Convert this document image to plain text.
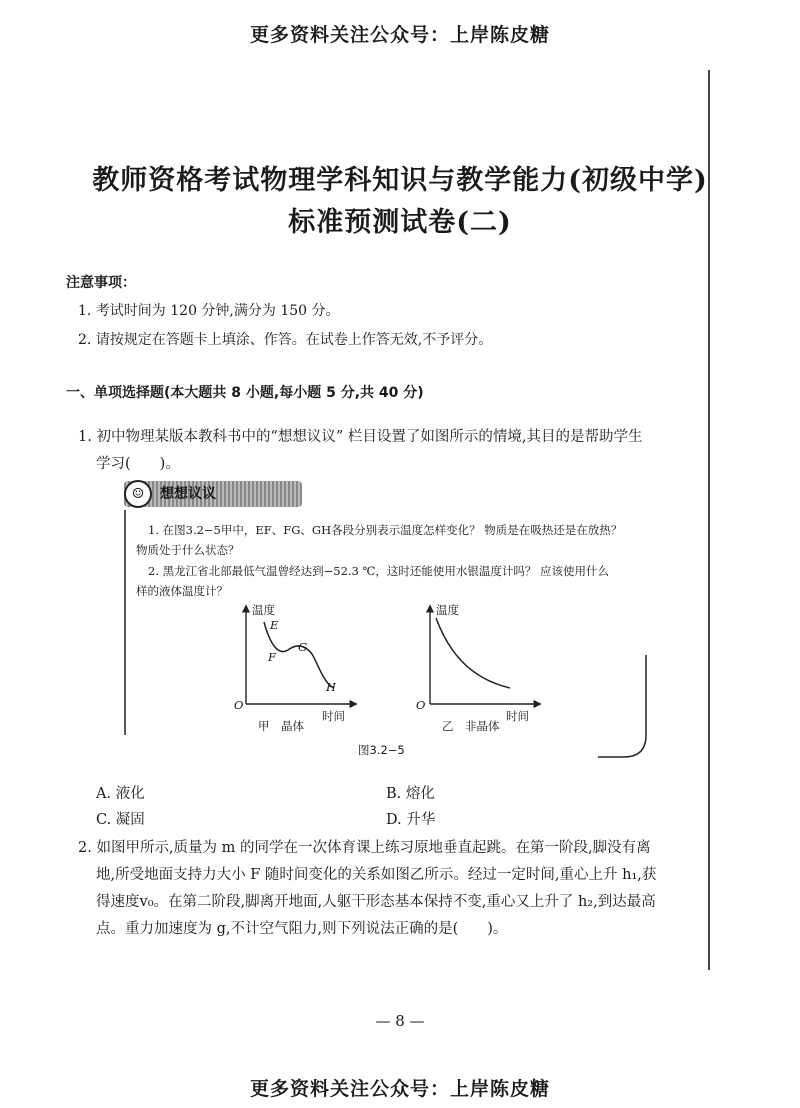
更多资料关注公众号：上岸陈皮糖
教师资格考试物理学科知识与教学能力(初级中学)
标准预测试卷(二)
注意事项：
1. 考试时间为 120 分钟,满分为 150 分。
2. 请按规定在答题卡上填涂、作答。在试卷上作答无效,不予评分。
一、单项选择题(本大题共 8 小题,每小题 5 分,共 40 分)
1. 初中物理某版本教科书中的“想想议议” 栏目设置了如图所示的情境,其目的是帮助学生
学习(　　)。
想想议议
☺
1. 在图3.2−5甲中，EF、FG、GH各段分别表示温度怎样变化？ 物质是在吸热还是在放热？
物质处于什么状态？
2. 黑龙江省北部最低气温曾经达到−52.3 ℃，这时还能使用水银温度计吗？ 应该使用什么
样的液体温度计？
温度
时间
O
E
F
G
H
甲　晶体
温度
时间
O
乙　非晶体
图3.2−5
A. 液化	B. 熔化
C. 凝固	D. 升华
2. 如图甲所示,质量为 m 的同学在一次体育课上练习原地垂直起跳。在第一阶段,脚没有离
地,所受地面支持力大小 F 随时间变化的关系如图乙所示。经过一定时间,重心上升 h₁,获
得速度v₀。在第二阶段,脚离开地面,人躯干形态基本保持不变,重心又上升了 h₂,到达最高
点。重力加速度为 g,不计空气阻力,则下列说法正确的是(　　)。
— 8 —
更多资料关注公众号：上岸陈皮糖
